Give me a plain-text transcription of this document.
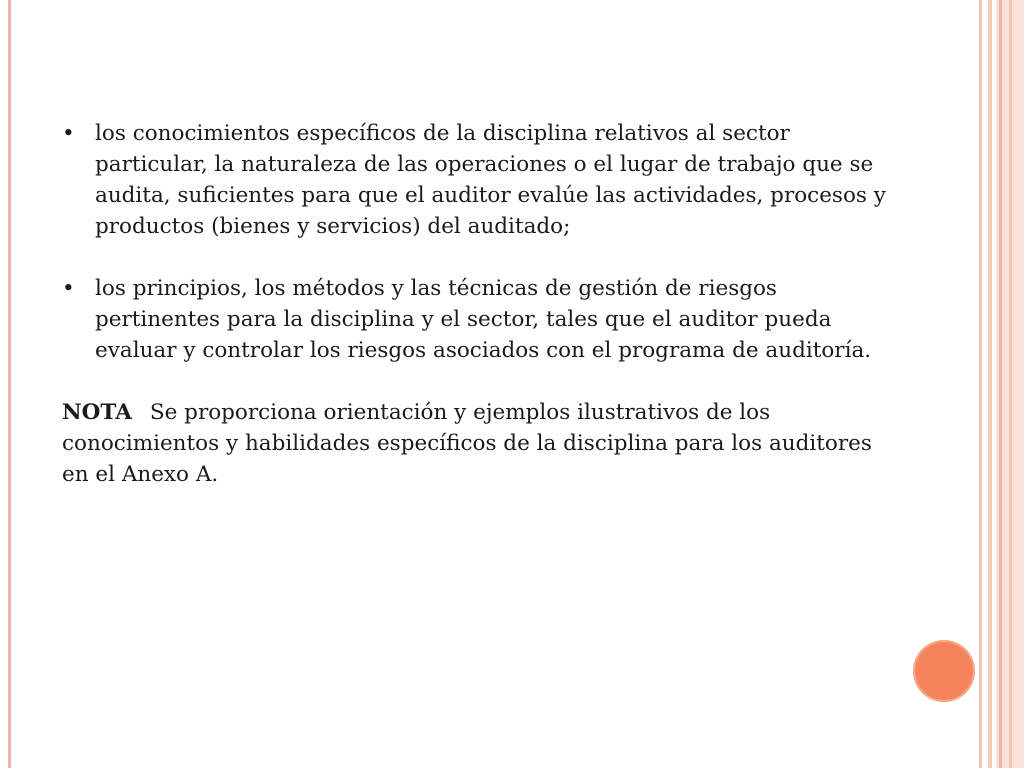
• los conocimientos específicos de la disciplina relativos al sector particular, la naturaleza de las operaciones o el lugar de trabajo que se audita, suficientes para que el auditor evalúe las actividades, procesos y productos (bienes y servicios) del auditado;
• los principios, los métodos y las técnicas de gestión de riesgos pertinentes para la disciplina y el sector, tales que el auditor pueda evaluar y controlar los riesgos asociados con el programa de auditoría.
NOTA Se proporciona orientación y ejemplos ilustrativos de los conocimientos y habilidades específicos de la disciplina para los auditores en el Anexo A.
